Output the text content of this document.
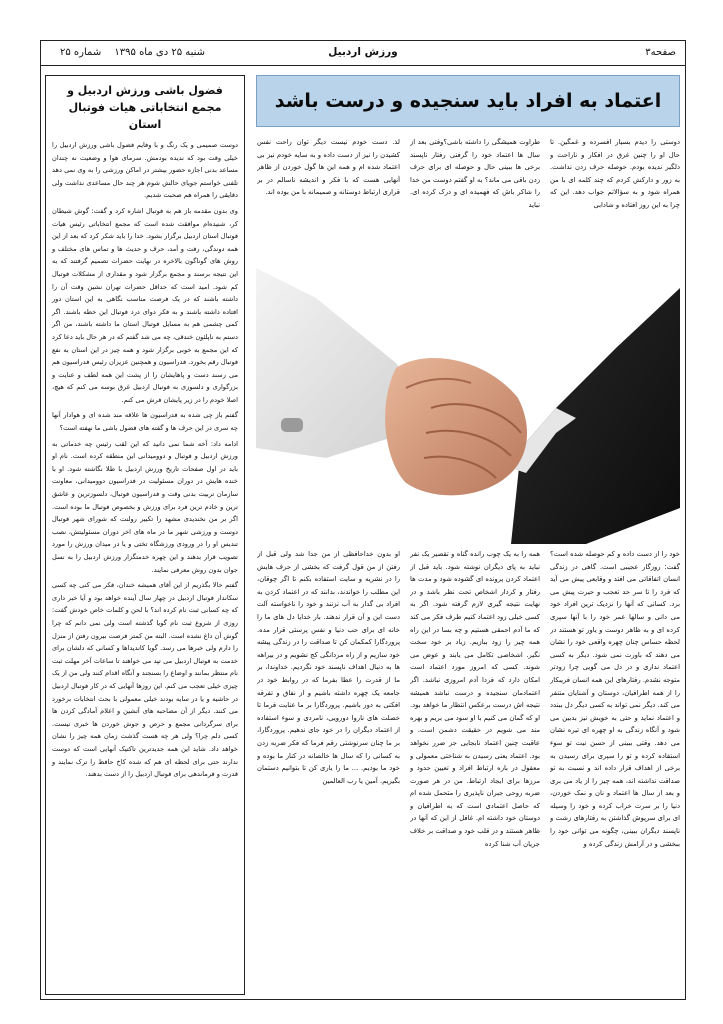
صفحه۳
ورزش اردبیل
شنبه ۲۵ دی ماه ۱۳۹۵ شماره ۲۵
اعتماد به افراد باید سنجیده و درست باشد

دوستی را دیدم بسیار افسرده و غمگین. تا حال او را چنین غرق در افکار و ناراحت و دلگیر ندیده بودم. حوصله حرف زدن نداشت. به زور و دارکش کردم که چند کلمه ای با من همراه شود و به سؤالاتم جواب دهد. این که چرا به این روز افتاده و شادابی

طراوت همیشگی را داشته باشی؟وقتی بعد از سال ها اعتماد خود را گرفتی رفتار ناپسند برخی ها ببینی حال و حوصله ای برای حرف زدن باقی می ماند؟ به او گفتم دوست من خدا را شاکر باش که فهمیده ای و درک کرده ای. نباید

لذ. دست خودم نیست دیگر توان راحت نفس کشیدن را نیز از دست داده و به سایه خودم نیز بی اعتماد شده ام و همه این ها گول خوردن از ظاهر آنهایی هست که با فکر و اندیشه ناسالم در بر قراری ارتباط دوستانه و صمیمانه با من بوده اند.

خود را از دست داده و کم حوصله شده است؟گفت: روزگار عجیبی است. گاهی در زندگی انسان اتفاقاتی می افتد و وقایعی پیش می آید که فرد را تا سر حد تعجب و حیرت پیش می برد. کسانی که آنها را نزدیک ترین افراد خود می دانی و سالها عمر خود را با آنها سپری کرده ای و به ظاهر دوست و یاور تو هستند در لحظه حساس چنان چهره واقعی خود را نشان می دهند که باورت نمی شود. دیگر به کسی اعتماد نداری و در دل می گویی چرا زودتر متوجه نشدم. رفتارهای این همه انسان فریبکار را از همه اطرافیان، دوستان و آشنایان متنفر می کند. دیگر نمی تواند به کسی دیگر دل ببندد و اعتماد نماید و حتی به خویش نیز بدبین می شود و آنگاه زندگی به او چهره ای تیره نشان می دهد. وقتی ببینی از حسن نیت تو سوء استفاده کرده و تو را سپری برای رسیدن به برخی از اهداف قرار داده اند و نسبت به تو صداقت نداشته اند، همه چیز را از یاد می بری و بعد از سال ها اعتماد و نان و نمک خوردن، دنیا را بر سرت خراب کرده و خود را وسیله ای برای سرپوش گذاشتن به رفتارهای زشت و ناپسند دیگران ببینی، چگونه می توانی خود را ببخشی و در آرامش زندگی کرده و

همه را به یک چوب رانده گناه و تقصیر یک نفر نباید به پای دیگران نوشته شود. باید قبل از اعتماد کردن پرونده ای گشوده شود و مدت ها رفتار و کردار اشخاص تحت نظر باشد و در نهایت نتیجه گیری لازم گرفته شود. اگر به کسی خیلی زود اعتماد کنیم طرف فکر می کند که ما آدم احمقی هستیم و چه بسا در این راه همه چیز را زود ببازیم. زیاد بر خود سخت نگیر. اشخاصی تکامل می یابند و عوض می شوند. کسی که امروز مورد اعتماد است امکان دارد که فردا آدم امروزی نباشد. اگر اعتمادمان سنجیده و درست نباشد همیشه نتیجه اش درست برعکس انتظار ما خواهد بود. او که گمان می کنیم با او سود می بریم و بهره مند می شویم در حقیقت دشمن است. و عاقبت چنین اعتماد نابجایی جز ضرر نخواهد بود. اعتماد یعنی رسیدن به شناختی معمولی و معقول در باره ارتباط افراد و تعیین حدود و مرزها برای ایجاد ارتباط. من در هر صورت ضربه روحی جبران ناپذیری را متحمل شده ام که حاصل اعتمادی است که به اطرافیان و دوستان خود داشته ام. غافل از این که آنها در ظاهر هستند و در قلب خود و صداقت بر خلاف جریان آب شنا کرده

او بدون خداحافظی از من جدا شد ولی قبل از رفتن از من قول گرفت که بخشی از حرف هایش را در نشریه و سایت استفاده بکنم تا اگر چوقان، این مطلب را خواندند، بدانند که در اعتماد کردن به افراد بی گدار به آب نزنند و خود را ناخواسته آلت دست این و آن قرار ندهند. بار خدایا دل های ما را خانه ای برای حب دنیا و نفس پرستی قرار مده. پروردگارا کمکمان کن تا صداقت را در زندگی پیشه خود سازیم و از راه مردانگی کج نشویم و در بیراهه ها به دنبال اهداف ناپسند خود نگردیم. خداوندا، بر ما از قدرت را عطا بفرما که در روابط خود در جامعه یک چهره داشته باشیم و از نفاق و تفرقه افکنی به دور باشیم. پروردگارا بر ما عنایت فرما تا خصلت های ناروا دورویی، نامردی و سوء استفاده از اعتماد دیگران را در خود جای ندهیم. پروردگارا، بر ما چنان سرنوشتی رقم فرما که فکر ضربه زدن به کسانی را که سال ها خالصانه در کنار ما بوده و خود ما بودیم. ... ما را یاری کن تا بتوانیم دستمان بگیریم. آمین یا رب العالمین

فضول باشی ورزش اردبیل و
مجمع انتخاباتی هیات فوتبال استان

دوست صمیمی و یک رنگ و با وفایم فضول باشی ورزش اردبیل را خیلی وقت بود که ندیده بودمش. سرمای هوا و وضعیت نه چندان مساعد بدنی اجازه حضور بیشتر در اماکن ورزشی را به وی نمی دهد تلفنی خواستم جویای حالش شوم هر چند حال مساعدی نداشت ولی دقایقی را همراه هم صحبت شدیم.

وی بدون مقدمه باز هم به فوتبال اشاره کرد و گفت: گوش شیطان کر، شنیده‌ام موافقت شده است که مجمع انتخاباتی رئیس هیات فوتبال استان اردبیل برگزار بشود. خدا را باید شکر کرد که بعد از این همه دوندگی، رفت و آمد، حرف و حدیث ها و تماس های مختلف و روش های گوناگون بالاخره در نهایت حضرات تصمیم گرفتند که به این نتیجه برسند و مجمع برگزار شود و مقداری از مشکلات فوتبال کم شود. امید است که حداقل حضرات تهران نشین وقت آن را داشته باشند که در یک فرصت مناسب نگاهی به این استان دور افتاده داشته باشند و به فکر دوای درد فوتبال این خطه باشند. اگر کمی چشمی هم به مسایل فوتبال استان ما داشته باشند، من اگر دستم به ناپلئون خندقی، چه می شد گفتم که در هر حال باید دعا کرد که این مجمع به خوبی برگزار شود و همه چیز در این استان به نفع فوتبال رقم بخورد. فدراسیون و همچنین عزیزان رئیس فدراسیون هم می رسند دست و پاهایشان را از پشت این همه لطف و عنایت و بزرگواری و دلسوزی به فوتبال اردبیل غرق بوسه می کنم که هیچ، اصلا خودم را در زیر پایشان فرش می کنم.

گفتم باز چی شده به فدراسیون ها علاقه مند شده ای و هوادار آنها چه سری در این حرف ها و گفته های فضول باشی ما نهفته است؟

ادامه داد: آخه شما نمی دانید که این لقب رئیس چه خدماتی به ورزش اردبیل و فوتبال و دوومیدانی این منطقه کرده است. نام او باید در اول صفحات تاریخ ورزش اردبیل با طلا نگاشته شود. او با خنده هایش در دوران مسئولیت در فدراسیون دوومیدانی، معاونت سازمان تربیت بدنی وقت و فدراسیون فوتبال، دلسوزترین و عاشق ترین و خادم ترین فرد برای ورزش و بخصوص فوتبال ما بوده است. اگر بر من نخندیدی مشهد را تکبیر رولنت که شورای شهر فوتبال دوست و ورزشی شهر ما در ماه های اخر دوران مسئولیتش، نصب تندیس او را در ورودی ورزشگاه تختی و یا در میدان ورزش را مورد تصویب قرار بدهند و این چهره خدمتگزار ورزش اردبیل را به نسل جوان بدون روش معرفی نمایند.

گفتم حالا بگذریم از این آقای همیشه خندان، فکر می کنی چه کسی سکاندار فوتبال اردبیل در چهار سال آینده خواهد بود و آیا خبر داری که چه کسانی ثبت نام کرده اند؟ با لحن و کلمات خاص خودش گفت: روزی از شروع ثبت نام گویا گذشته است ولی نمی دانم که چرا گوش آن داغ نشده است. البته من کمتر فرصت بیرون رفتن از منزل را دارم ولی خبرها می رسد. گویا کاندیداها و کسانی که دلشان برای خدمت به فوتبال اردبیل می تپد می خواهند تا ساعات آخر مهلت ثبت نام منتظر بمانند و اوضاع را بسنجند و آنگاه اقدام کنند ولی من از یک چیزی خیلی تعجب می کنم. این روزها آنهایی که در کار فوتبال اردبیل در حاشیه و یا در سایه بودند خیلی معمولی با بحث انتخابات برخورد می کنند. دیگر از آن مصاحبه های آتشین و اعلام آمادگی کردن ها برای سرگردانی مجمع و حرص و جوش خوردن ها خبری نیست. کسی دلم چرا؟ ولی هر چه هست گذشت زمان همه چیز را نشان خواهد داد. شاید این همه جدیدترین تاکتیک آنهایی است که دوست ندارند حتی برای لحظه ای هم که شده کاخ حافظ را ترک نمایند و قدرت و فرماندهی برای فوتبال اردبیل را از دست بدهند.
